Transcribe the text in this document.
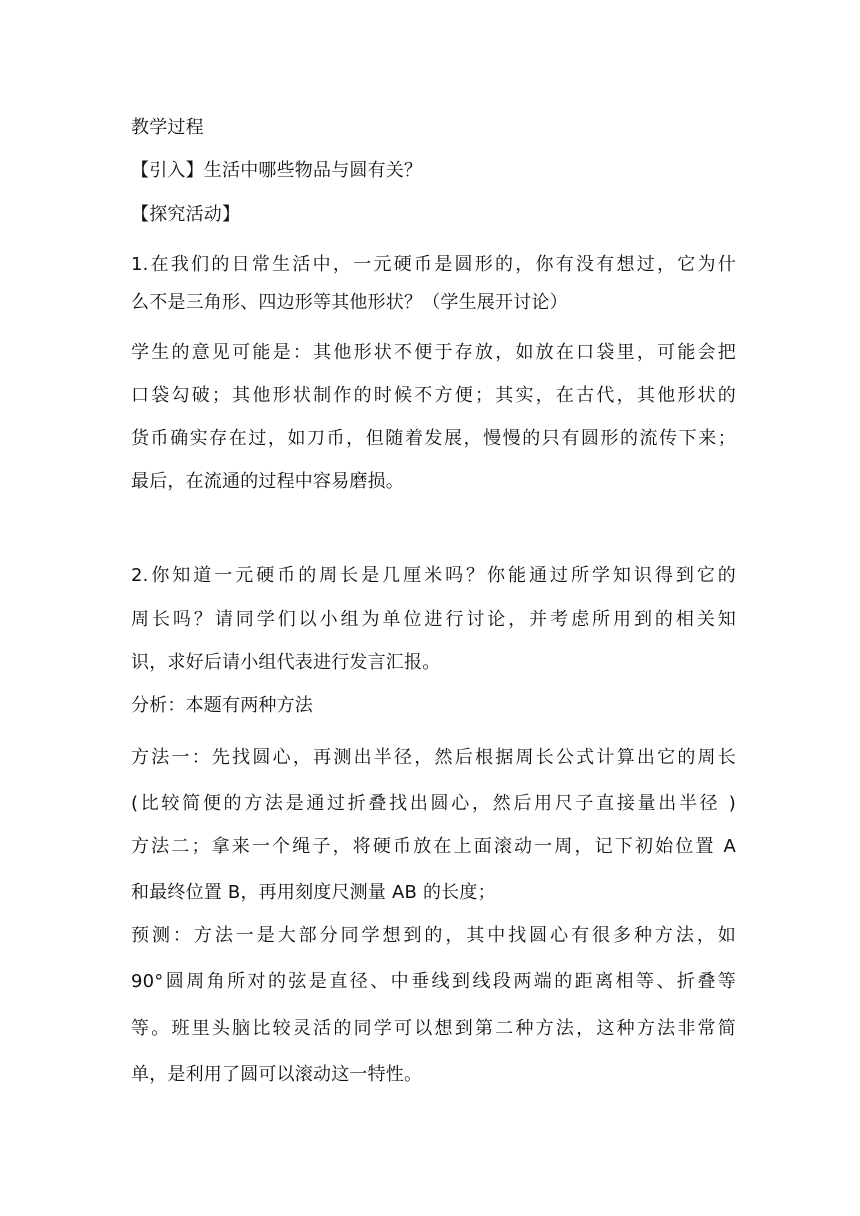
教学过程
【引入】生活中哪些物品与圆有关？
【探究活动】
1.在我们的日常生活中，一元硬币是圆形的，你有没有想过，它为什
么不是三角形、四边形等其他形状？（学生展开讨论）
学生的意见可能是：其他形状不便于存放，如放在口袋里，可能会把
口袋勾破；其他形状制作的时候不方便；其实，在古代，其他形状的
货币确实存在过，如刀币，但随着发展，慢慢的只有圆形的流传下来；
最后，在流通的过程中容易磨损。
2.你知道一元硬币的周长是几厘米吗？你能通过所学知识得到它的
周长吗？请同学们以小组为单位进行讨论，并考虑所用到的相关知
识，求好后请小组代表进行发言汇报。
分析：本题有两种方法
方法一：先找圆心，再测出半径，然后根据周长公式计算出它的周长
(比较简便的方法是通过折叠找出圆心，然后用尺子直接量出半径 )
方法二；拿来一个绳子，将硬币放在上面滚动一周，记下初始位置 A
和最终位置 B，再用刻度尺测量 AB 的长度；
预测：方法一是大部分同学想到的，其中找圆心有很多种方法，如
90°圆周角所对的弦是直径、中垂线到线段两端的距离相等、折叠等
等。班里头脑比较灵活的同学可以想到第二种方法，这种方法非常简
单，是利用了圆可以滚动这一特性。
